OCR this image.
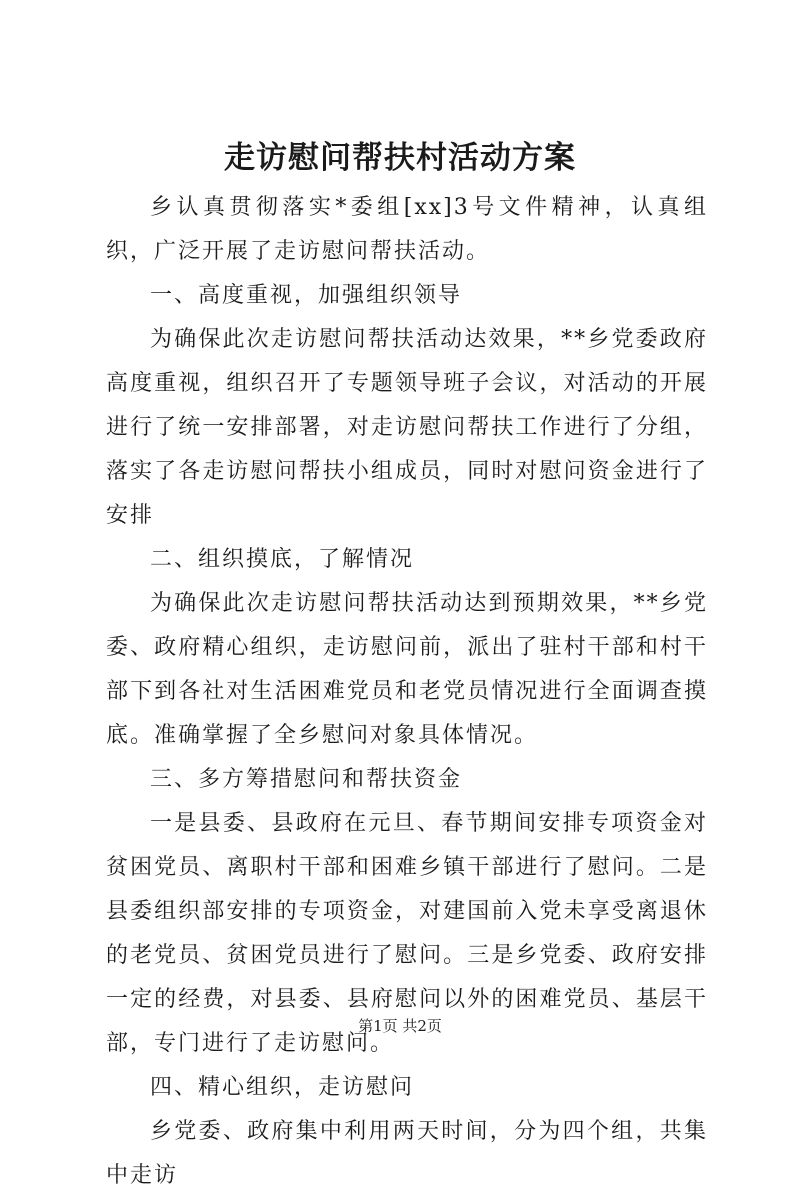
走访慰问帮扶村活动方案

乡认真贯彻落实*委组[xx]3号文件精神，认真组织，广泛开展了走访慰问帮扶活动。

一、高度重视，加强组织领导

为确保此次走访慰问帮扶活动达效果，**乡党委政府高度重视，组织召开了专题领导班子会议，对活动的开展进行了统一安排部署，对走访慰问帮扶工作进行了分组，落实了各走访慰问帮扶小组成员，同时对慰问资金进行了安排

二、组织摸底，了解情况

为确保此次走访慰问帮扶活动达到预期效果，**乡党委、政府精心组织，走访慰问前，派出了驻村干部和村干部下到各社对生活困难党员和老党员情况进行全面调查摸底。准确掌握了全乡慰问对象具体情况。

三、多方筹措慰问和帮扶资金

一是县委、县政府在元旦、春节期间安排专项资金对贫困党员、离职村干部和困难乡镇干部进行了慰问。二是县委组织部安排的专项资金，对建国前入党未享受离退休的老党员、贫困党员进行了慰问。三是乡党委、政府安排一定的经费，对县委、县府慰问以外的困难党员、基层干部，专门进行了走访慰问。

四、精心组织，走访慰问

乡党委、政府集中利用两天时间，分为四个组，共集中走访

第1页 共2页
